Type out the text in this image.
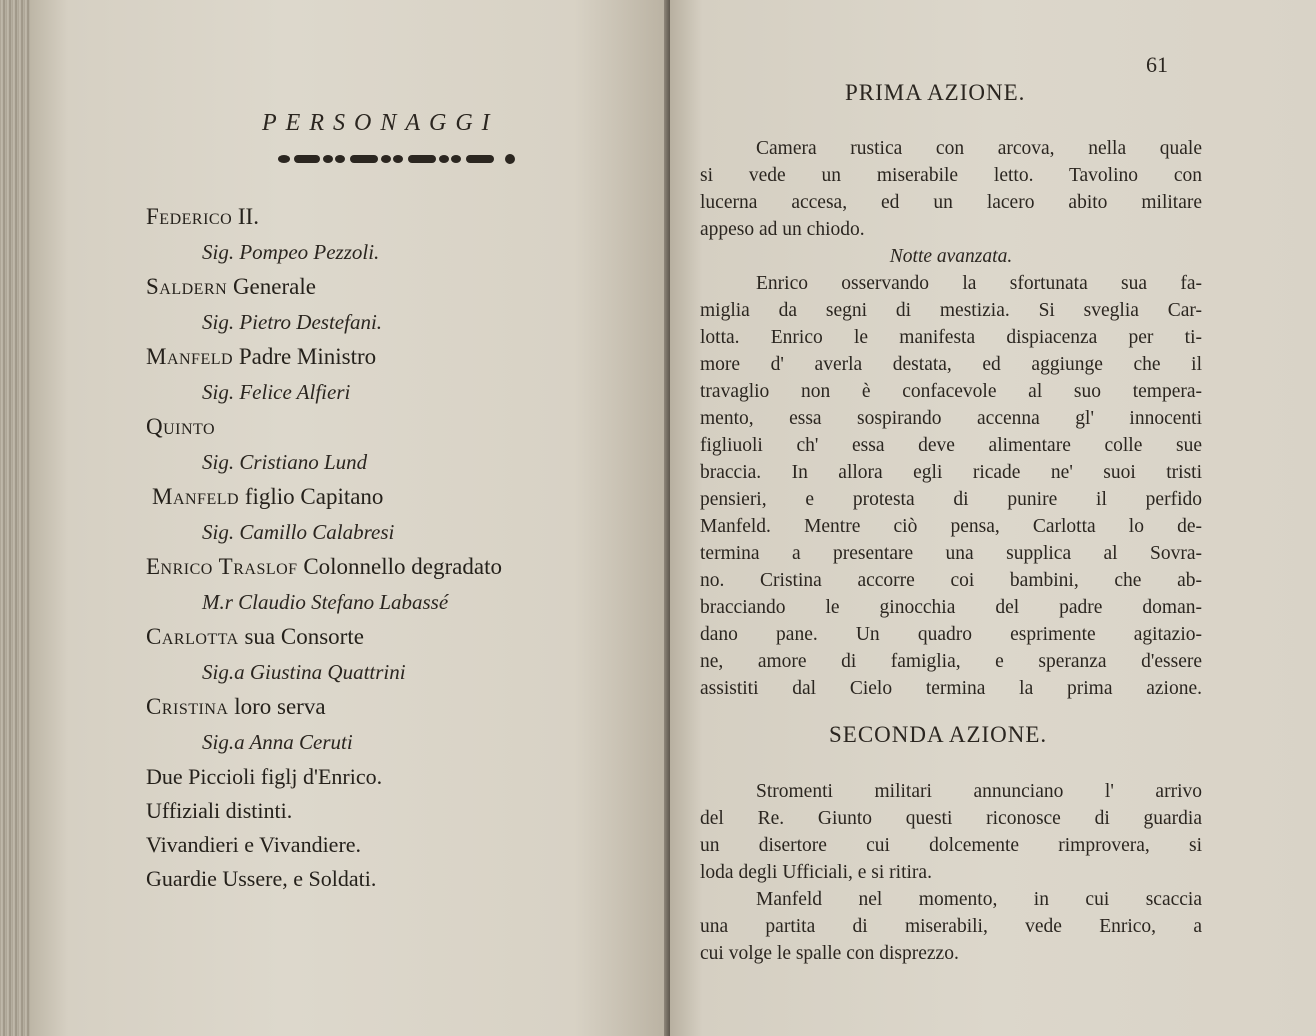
PERSONAGGI
Federico II.
Sig. Pompeo Pezzoli.
Saldern Generale
Sig. Pietro Destefani.
Manfeld Padre Ministro
Sig. Felice Alfieri
Quinto
Sig. Cristiano Lund
Manfeld figlio Capitano
Sig. Camillo Calabresi
Enrico Traslof Colonnello degradato
M.r Claudio Stefano Labassé
Carlotta sua Consorte
Sig.a Giustina Quattrini
Cristina loro serva
Sig.a Anna Ceruti
Due Piccioli figlj d'Enrico.
Uffiziali distinti.
Vivandieri e Vivandiere.
Guardie Ussere, e Soldati.
61
PRIMA AZIONE.
Camera rustica con arcova, nella quale
si vede un miserabile letto. Tavolino con
lucerna accesa, ed un lacero abito militare
appeso ad un chiodo.
Notte avanzata.
Enrico osservando la sfortunata sua fa-
miglia da segni di mestizia. Si sveglia Car-
lotta. Enrico le manifesta dispiacenza per ti-
more d' averla destata, ed aggiunge che il
travaglio non è confacevole al suo tempera-
mento, essa sospirando accenna gl' innocenti
figliuoli ch' essa deve alimentare colle sue
braccia. In allora egli ricade ne' suoi tristi
pensieri, e protesta di punire il perfido
Manfeld. Mentre ciò pensa, Carlotta lo de-
termina a presentare una supplica al Sovra-
no. Cristina accorre coi bambini, che ab-
bracciando le ginocchia del padre doman-
dano pane. Un quadro esprimente agitazio-
ne, amore di famiglia, e speranza d'essere
assistiti dal Cielo termina la prima azione.
SECONDA AZIONE.
Stromenti militari annunciano l' arrivo
del Re. Giunto questi riconosce di guardia
un disertore cui dolcemente rimprovera, si
loda degli Ufficiali, e si ritira.
Manfeld nel momento, in cui scaccia
una partita di miserabili, vede Enrico, a
cui volge le spalle con disprezzo.
